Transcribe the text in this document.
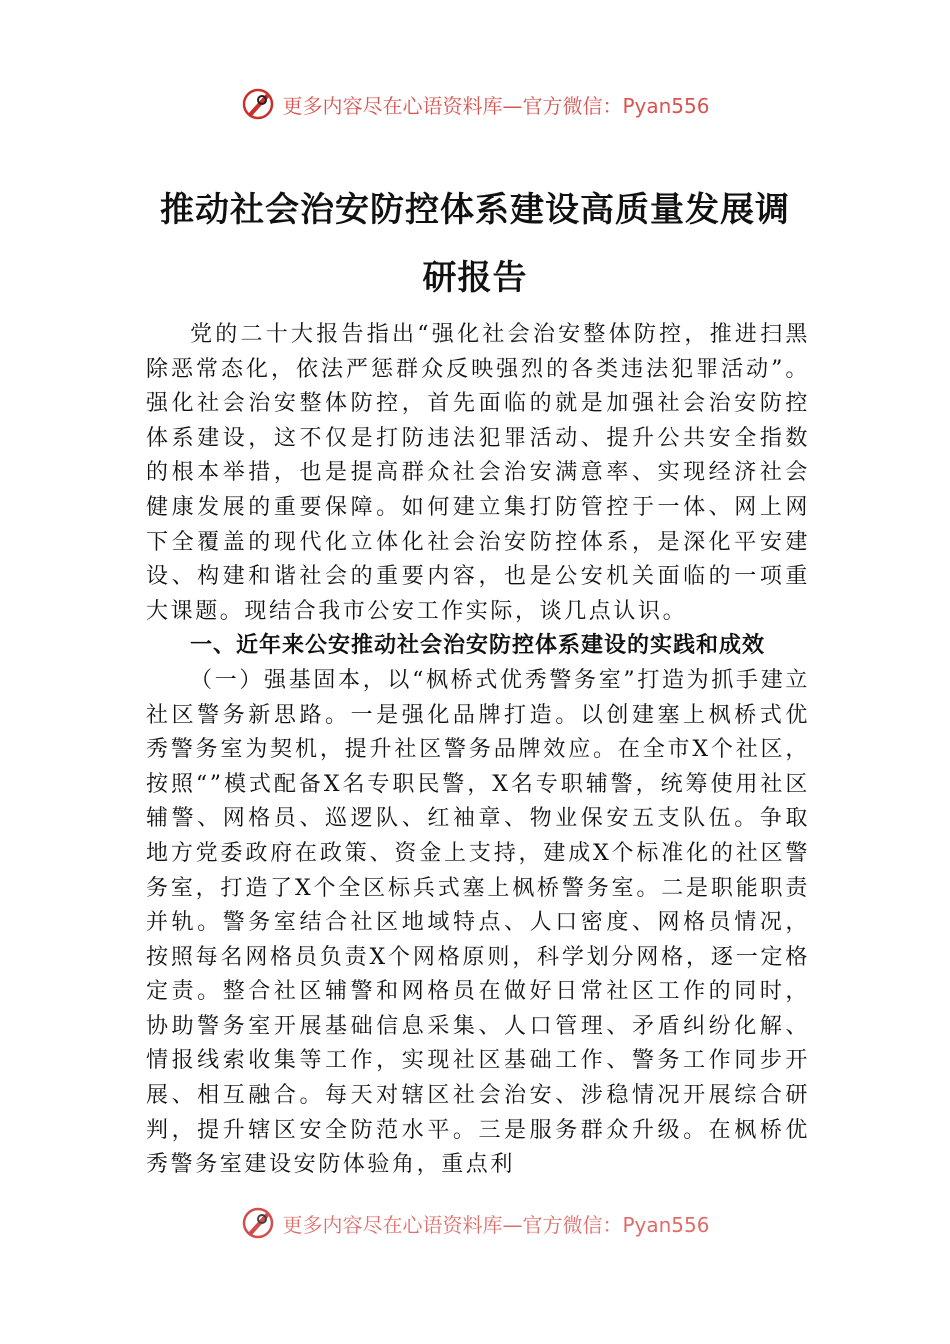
更多内容尽在心语资料库—官方微信：Pyan556
推动社会治安防控体系建设高质量发展调
研报告

党的二十大报告指出“强化社会治安整体防控，推进扫黑除恶常态化，依法严惩群众反映强烈的各类违法犯罪活动”。强化社会治安整体防控，首先面临的就是加强社会治安防控体系建设，这不仅是打防违法犯罪活动、提升公共安全指数的根本举措，也是提高群众社会治安满意率、实现经济社会健康发展的重要保障。如何建立集打防管控于一体、网上网下全覆盖的现代化立体化社会治安防控体系，是深化平安建设、构建和谐社会的重要内容，也是公安机关面临的一项重大课题。现结合我市公安工作实际，谈几点认识。

一、近年来公安推动社会治安防控体系建设的实践和成效

（一）强基固本，以“枫桥式优秀警务室”打造为抓手建立社区警务新思路。一是强化品牌打造。以创建塞上枫桥式优秀警务室为契机，提升社区警务品牌效应。在全市X个社区，按照“”模式配备X名专职民警，X名专职辅警，统筹使用社区辅警、网格员、巡逻队、红袖章、物业保安五支队伍。争取地方党委政府在政策、资金上支持，建成X个标准化的社区警务室，打造了X个全区标兵式塞上枫桥警务室。二是职能职责并轨。警务室结合社区地域特点、人口密度、网格员情况，按照每名网格员负责X个网格原则，科学划分网格，逐一定格定责。整合社区辅警和网格员在做好日常社区工作的同时，协助警务室开展基础信息采集、人口管理、矛盾纠纷化解、情报线索收集等工作，实现社区基础工作、警务工作同步开展、相互融合。每天对辖区社会治安、涉稳情况开展综合研判，提升辖区安全防范水平。三是服务群众升级。在枫桥优秀警务室建设安防体验角，重点利

更多内容尽在心语资料库—官方微信：Pyan556
